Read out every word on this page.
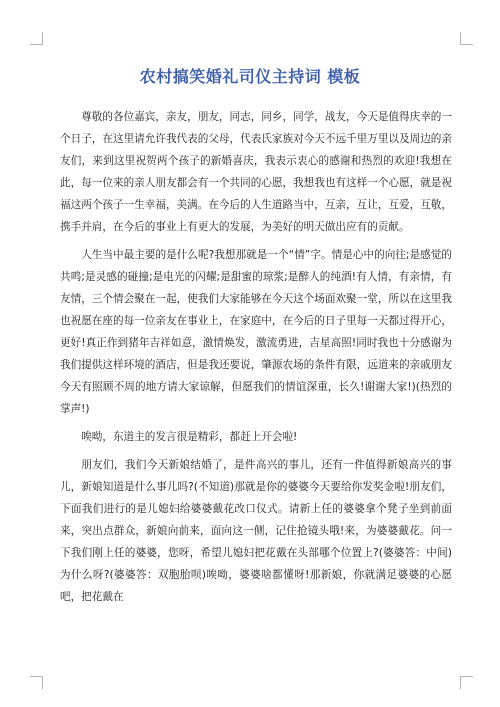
农村搞笑婚礼司仪主持词 模板

尊敬的各位嘉宾，亲友，朋友，同志，同乡，同学，战友，今天是值得庆幸的一个日子，在这里请允许我代表的父母，代表氏家族对今天不远千里万里以及周边的亲友们，来到这里祝贺两个孩子的新婚喜庆，我表示衷心的感谢和热烈的欢迎!我想在此，每一位来的亲人朋友都会有一个共同的心愿，我想我也有这样一个心愿，就是祝福这两个孩子一生幸福，美满。在今后的人生道路当中，互亲，互让，互爱，互敬，携手并肩，在今后的事业上有更大的发展，为美好的明天做出应有的贡献。

人生当中最主要的是什么呢?我想那就是一个“情”字。情是心中的向往;是感觉的共鸣;是灵感的碰撞;是电光的闪耀;是甜蜜的琼浆;是醉人的纯酒!有人情，有亲情，有友情，三个情会聚在一起，使我们大家能够在今天这个场面欢聚一堂，所以在这里我也祝愿在座的每一位亲友在事业上，在家庭中，在今后的日子里每一天都过得开心，更好!真正作到猪年吉祥如意，激情焕发，激流勇进，吉星高照!同时我也十分感谢为我们提供这样环境的酒店，但是我还要说，肇源农场的条件有限，远道来的亲戚朋友今天有照顾不周的地方请大家谅解，但愿我们的情谊深重，长久!谢谢大家!)(热烈的掌声!)

唉呦，东道主的发言很是精彩，都赶上开会啦!

朋友们，我们今天新娘结婚了，是件高兴的事儿，还有一件值得新娘高兴的事儿，新娘知道是什么事儿吗?(不知道)那就是你的婆婆今天要给你发奖金啦!朋友们，下面我们进行的是儿媳妇给婆婆戴花改口仪式。请新上任的婆婆拿个凳子坐到前面来，突出点群众，新娘向前来，面向这一侧，记住抢镜头哦!来，为婆婆戴花。问一下我们刚上任的婆婆，您呀，希望儿媳妇把花戴在头部哪个位置上?(婆婆答：中间)为什么呀?(婆婆答：双胞胎呗)唉呦，婆婆啥都懂呀!那新娘，你就满足婆婆的心愿吧，把花戴在
